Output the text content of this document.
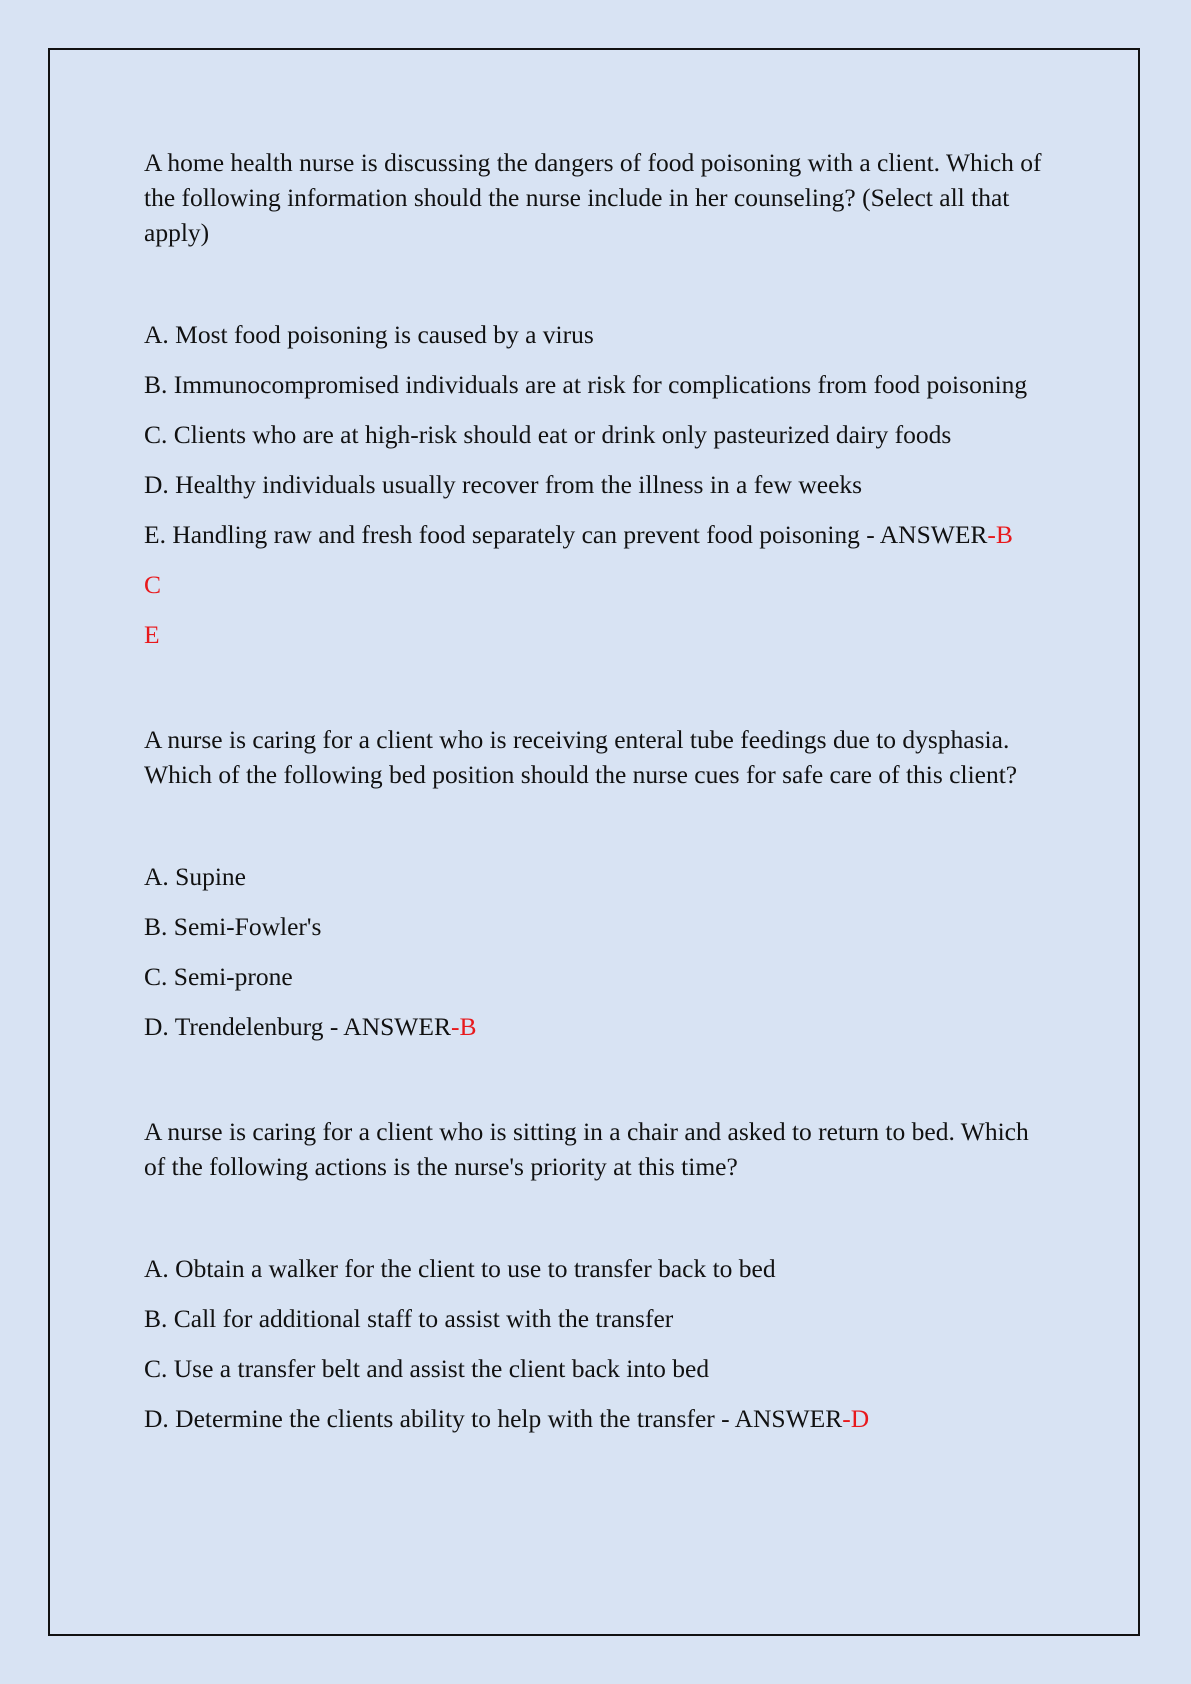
A home health nurse is discussing the dangers of food poisoning with a client. Which of the following information should the nurse include in her counseling? (Select all that apply)

A. Most food poisoning is caused by a virus
B. Immunocompromised individuals are at risk for complications from food poisoning
C. Clients who are at high-risk should eat or drink only pasteurized dairy foods
D. Healthy individuals usually recover from the illness in a few weeks
E. Handling raw and fresh food separately can prevent food poisoning - ANSWER-B
C
E

A nurse is caring for a client who is receiving enteral tube feedings due to dysphasia. Which of the following bed position should the nurse cues for safe care of this client?

A. Supine
B. Semi-Fowler's
C. Semi-prone
D. Trendelenburg - ANSWER-B

A nurse is caring for a client who is sitting in a chair and asked to return to bed. Which of the following actions is the nurse's priority at this time?

A. Obtain a walker for the client to use to transfer back to bed
B. Call for additional staff to assist with the transfer
C. Use a transfer belt and assist the client back into bed
D. Determine the clients ability to help with the transfer - ANSWER-D
